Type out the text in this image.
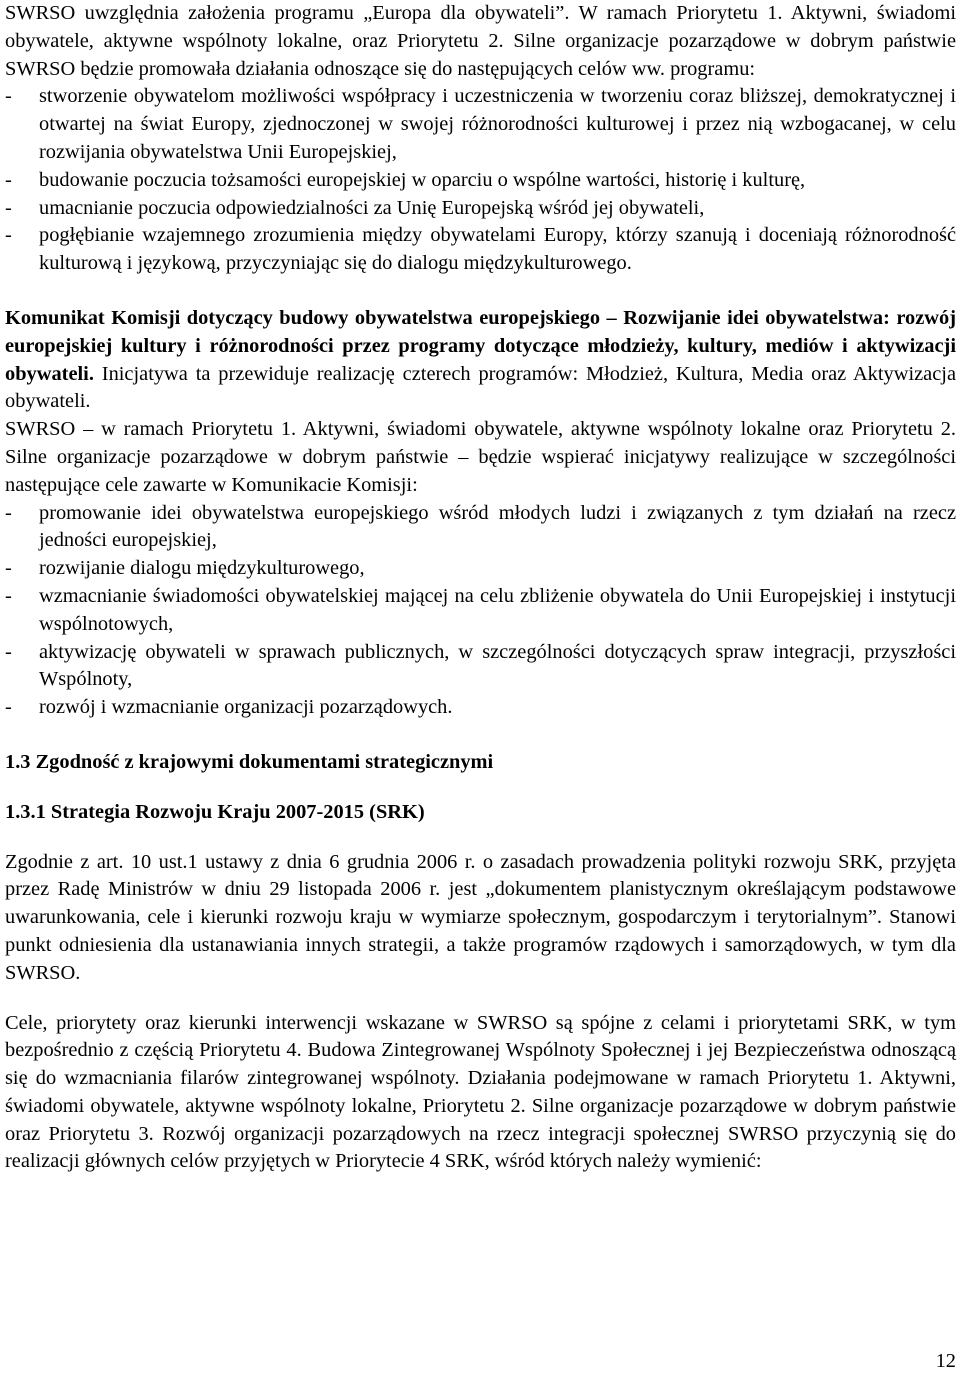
SWRSO uwzględnia założenia programu „Europa dla obywateli”. W ramach Priorytetu 1. Aktywni, świadomi obywatele, aktywne wspólnoty lokalne, oraz Priorytetu 2. Silne organizacje pozarządowe w dobrym państwie SWRSO będzie promowała działania odnoszące się do następujących celów ww. programu:

- stworzenie obywatelom możliwości współpracy i uczestniczenia w tworzeniu coraz bliższej, demokratycznej i otwartej na świat Europy, zjednoczonej w swojej różnorodności kulturowej i przez nią wzbogacanej, w celu rozwijania obywatelstwa Unii Europejskiej,
- budowanie poczucia tożsamości europejskiej w oparciu o wspólne wartości, historię i kulturę,
- umacnianie poczucia odpowiedzialności za Unię Europejską wśród jej obywateli,
- pogłębianie wzajemnego zrozumienia między obywatelami Europy, którzy szanują i doceniają różnorodność kulturową i językową, przyczyniając się do dialogu międzykulturowego.

Komunikat Komisji dotyczący budowy obywatelstwa europejskiego – Rozwijanie idei obywatelstwa: rozwój europejskiej kultury i różnorodności przez programy dotyczące młodzieży, kultury, mediów i aktywizacji obywateli. Inicjatywa ta przewiduje realizację czterech programów: Młodzież, Kultura, Media oraz Aktywizacja obywateli.

SWRSO – w ramach Priorytetu 1. Aktywni, świadomi obywatele, aktywne wspólnoty lokalne oraz Priorytetu 2. Silne organizacje pozarządowe w dobrym państwie – będzie wspierać inicjatywy realizujące w szczególności następujące cele zawarte w Komunikacie Komisji:

- promowanie idei obywatelstwa europejskiego wśród młodych ludzi i związanych z tym działań na rzecz jedności europejskiej,
- rozwijanie dialogu międzykulturowego,
- wzmacnianie świadomości obywatelskiej mającej na celu zbliżenie obywatela do Unii Europejskiej i instytucji wspólnotowych,
- aktywizację obywateli w sprawach publicznych, w szczególności dotyczących spraw integracji, przyszłości Wspólnoty,
- rozwój i wzmacnianie organizacji pozarządowych.

1.3 Zgodność z krajowymi dokumentami strategicznymi

1.3.1 Strategia Rozwoju Kraju 2007-2015 (SRK)

Zgodnie z art. 10 ust.1 ustawy z dnia 6 grudnia 2006 r. o zasadach prowadzenia polityki rozwoju SRK, przyjęta przez Radę Ministrów w dniu 29 listopada 2006 r. jest „dokumentem planistycznym określającym podstawowe uwarunkowania, cele i kierunki rozwoju kraju w wymiarze społecznym, gospodarczym i terytorialnym”. Stanowi punkt odniesienia dla ustanawiania innych strategii, a także programów rządowych i samorządowych, w tym dla SWRSO.

Cele, priorytety oraz kierunki interwencji wskazane w SWRSO są spójne z celami i priorytetami SRK, w tym bezpośrednio z częścią Priorytetu 4. Budowa Zintegrowanej Wspólnoty Społecznej i jej Bezpieczeństwa odnoszącą się do wzmacniania filarów zintegrowanej wspólnoty. Działania podejmowane w ramach Priorytetu 1. Aktywni, świadomi obywatele, aktywne wspólnoty lokalne, Priorytetu 2. Silne organizacje pozarządowe w dobrym państwie oraz Priorytetu 3. Rozwój organizacji pozarządowych na rzecz integracji społecznej SWRSO przyczynią się do realizacji głównych celów przyjętych w Priorytecie 4 SRK, wśród których należy wymienić:

12
